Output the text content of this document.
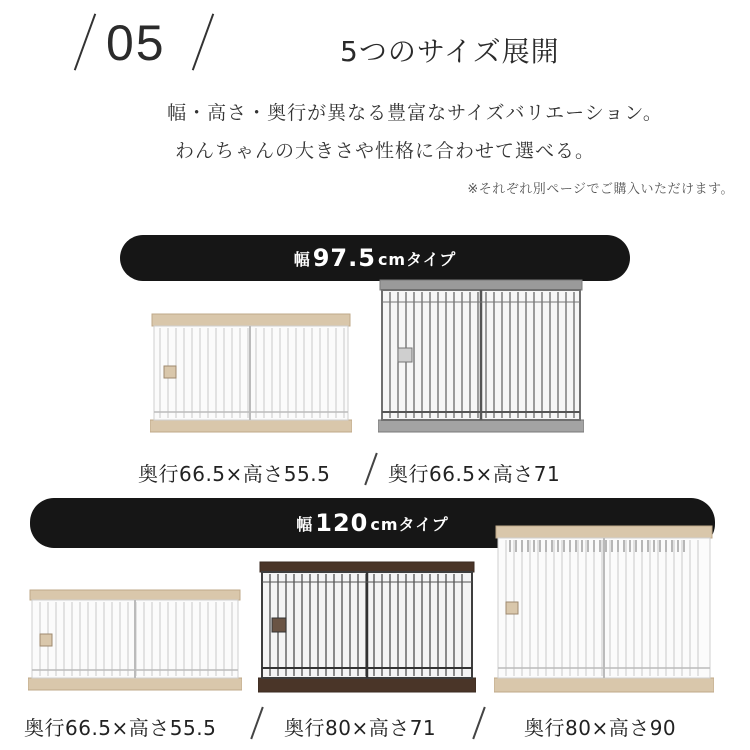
05	5つのサイズ展開
幅・高さ・奥行が異なる豊富なサイズバリエーション。
わんちゃんの大きさや性格に合わせて選べる。
※それぞれ別ページでご購入いただけます。
幅 97.5 cmタイプ
奥行66.5×高さ55.5	奥行66.5×高さ71
幅 120 cmタイプ
奥行66.5×高さ55.5	奥行80×高さ71	奥行80×高さ90
